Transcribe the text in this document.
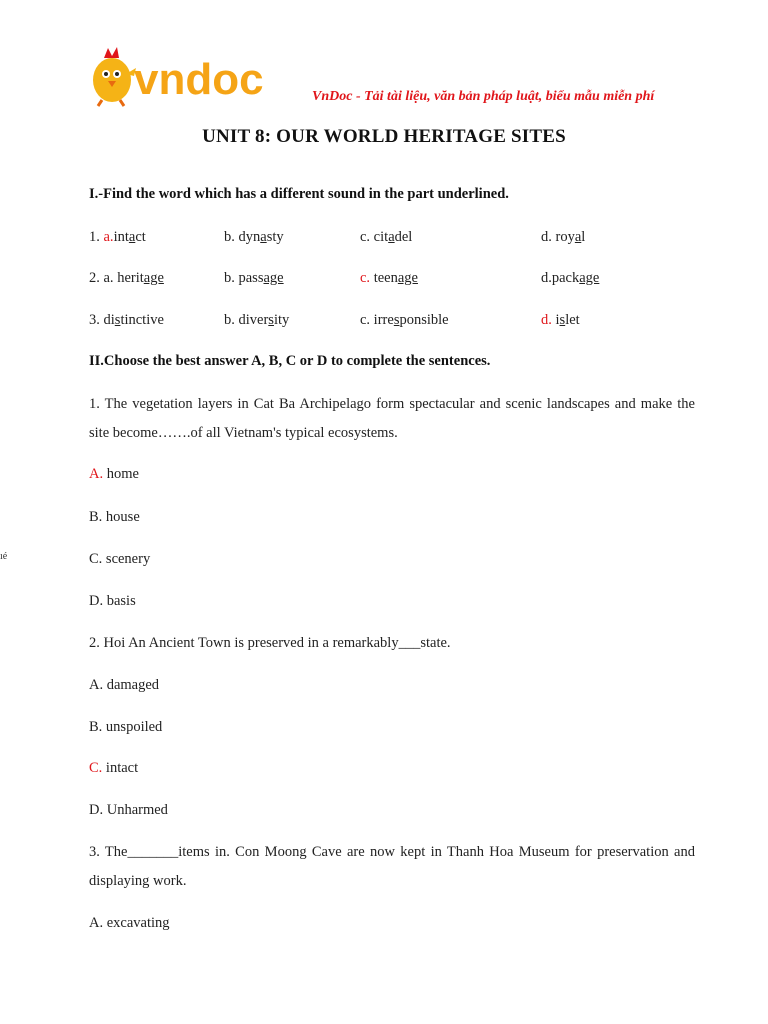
vndoc	VnDoc - Tải tài liệu, văn bản pháp luật, biểu mẫu miễn phí
UNIT 8: OUR WORLD HERITAGE SITES
I.-Find the word which has a different sound in the part underlined.
1. a.intact	b. dynasty	c. citadel	d. royal
2. a. heritage	b. passage	c. teenage	d.package
3. distinctive	b. diversity	c. irresponsible	d. islet
II.Choose the best answer A, B, C or D to complete the sentences.
1. The vegetation layers in Cat Ba Archipelago form spectacular and scenic landscapes and make the site become…….of all Vietnam's typical ecosystems.
A. home
B. house
C. scenery
D. basis
2. Hoi An Ancient Town is preserved in a remarkably___state.
A. damaged
B. unspoiled
C. intact
D. Unharmed
3. The_______items in. Con Moong Cave are now kept in Thanh Hoa Museum for preservation and displaying work.
A. excavating
ıé
